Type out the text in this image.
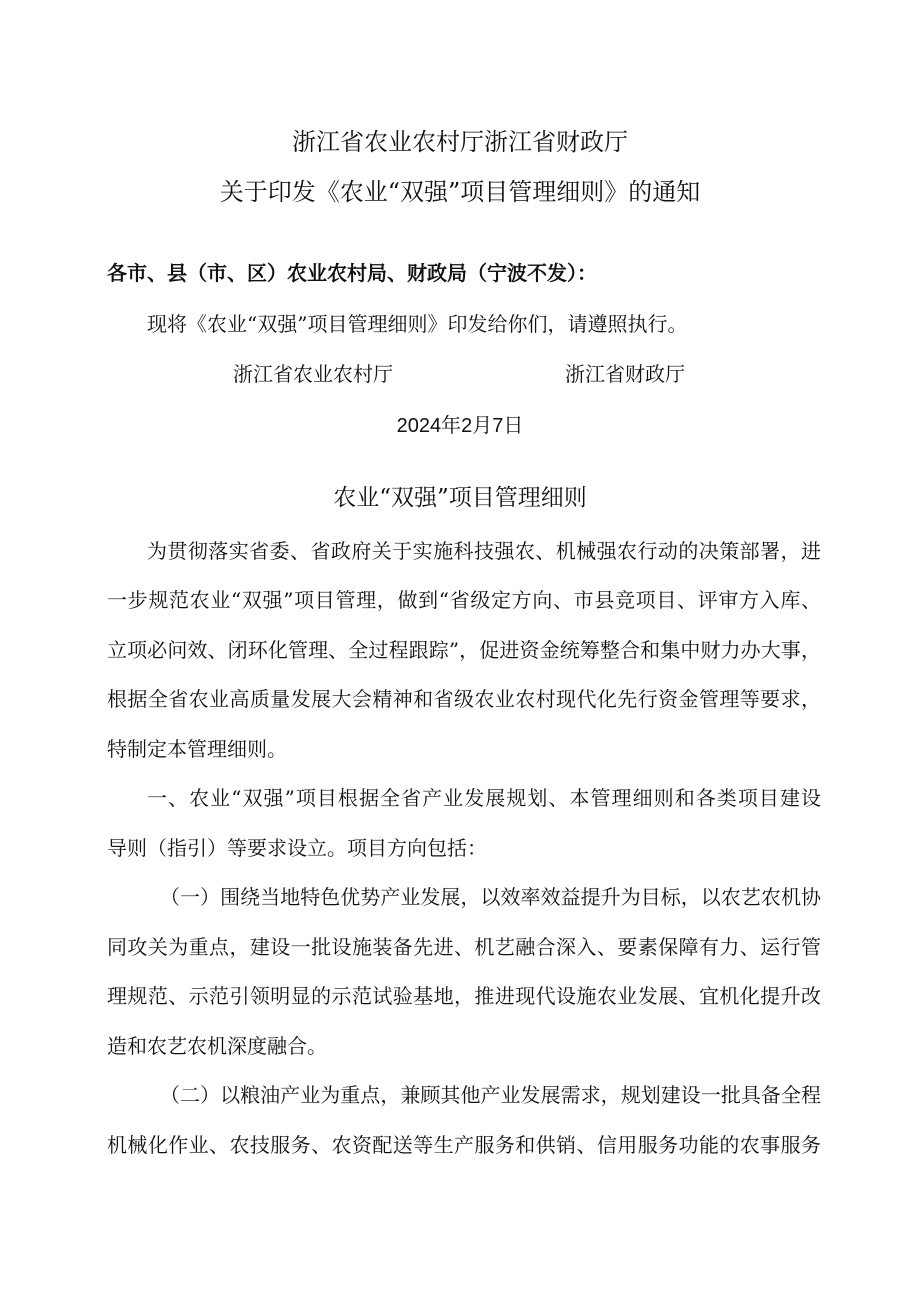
浙江省农业农村厅浙江省财政厅
关于印发《农业“双强”项目管理细则》的通知
各市、县（市、区）农业农村局、财政局（宁波不发）：
现将《农业“双强”项目管理细则》印发给你们，请遵照执行。
浙江省农业农村厅	浙江省财政厅
2024年2月7日
农业“双强”项目管理细则
为贯彻落实省委、省政府关于实施科技强农、机械强农行动的决策部署，进
一步规范农业“双强”项目管理，做到“省级定方向、市县竞项目、评审方入库、
立项必问效、闭环化管理、全过程跟踪”，促进资金统筹整合和集中财力办大事，
根据全省农业高质量发展大会精神和省级农业农村现代化先行资金管理等要求，
特制定本管理细则。
一、农业“双强”项目根据全省产业发展规划、本管理细则和各类项目建设
导则（指引）等要求设立。项目方向包括：
（一）围绕当地特色优势产业发展，以效率效益提升为目标，以农艺农机协
同攻关为重点，建设一批设施装备先进、机艺融合深入、要素保障有力、运行管
理规范、示范引领明显的示范试验基地，推进现代设施农业发展、宜机化提升改
造和农艺农机深度融合。
（二）以粮油产业为重点，兼顾其他产业发展需求，规划建设一批具备全程
机械化作业、农技服务、农资配送等生产服务和供销、信用服务功能的农事服务
